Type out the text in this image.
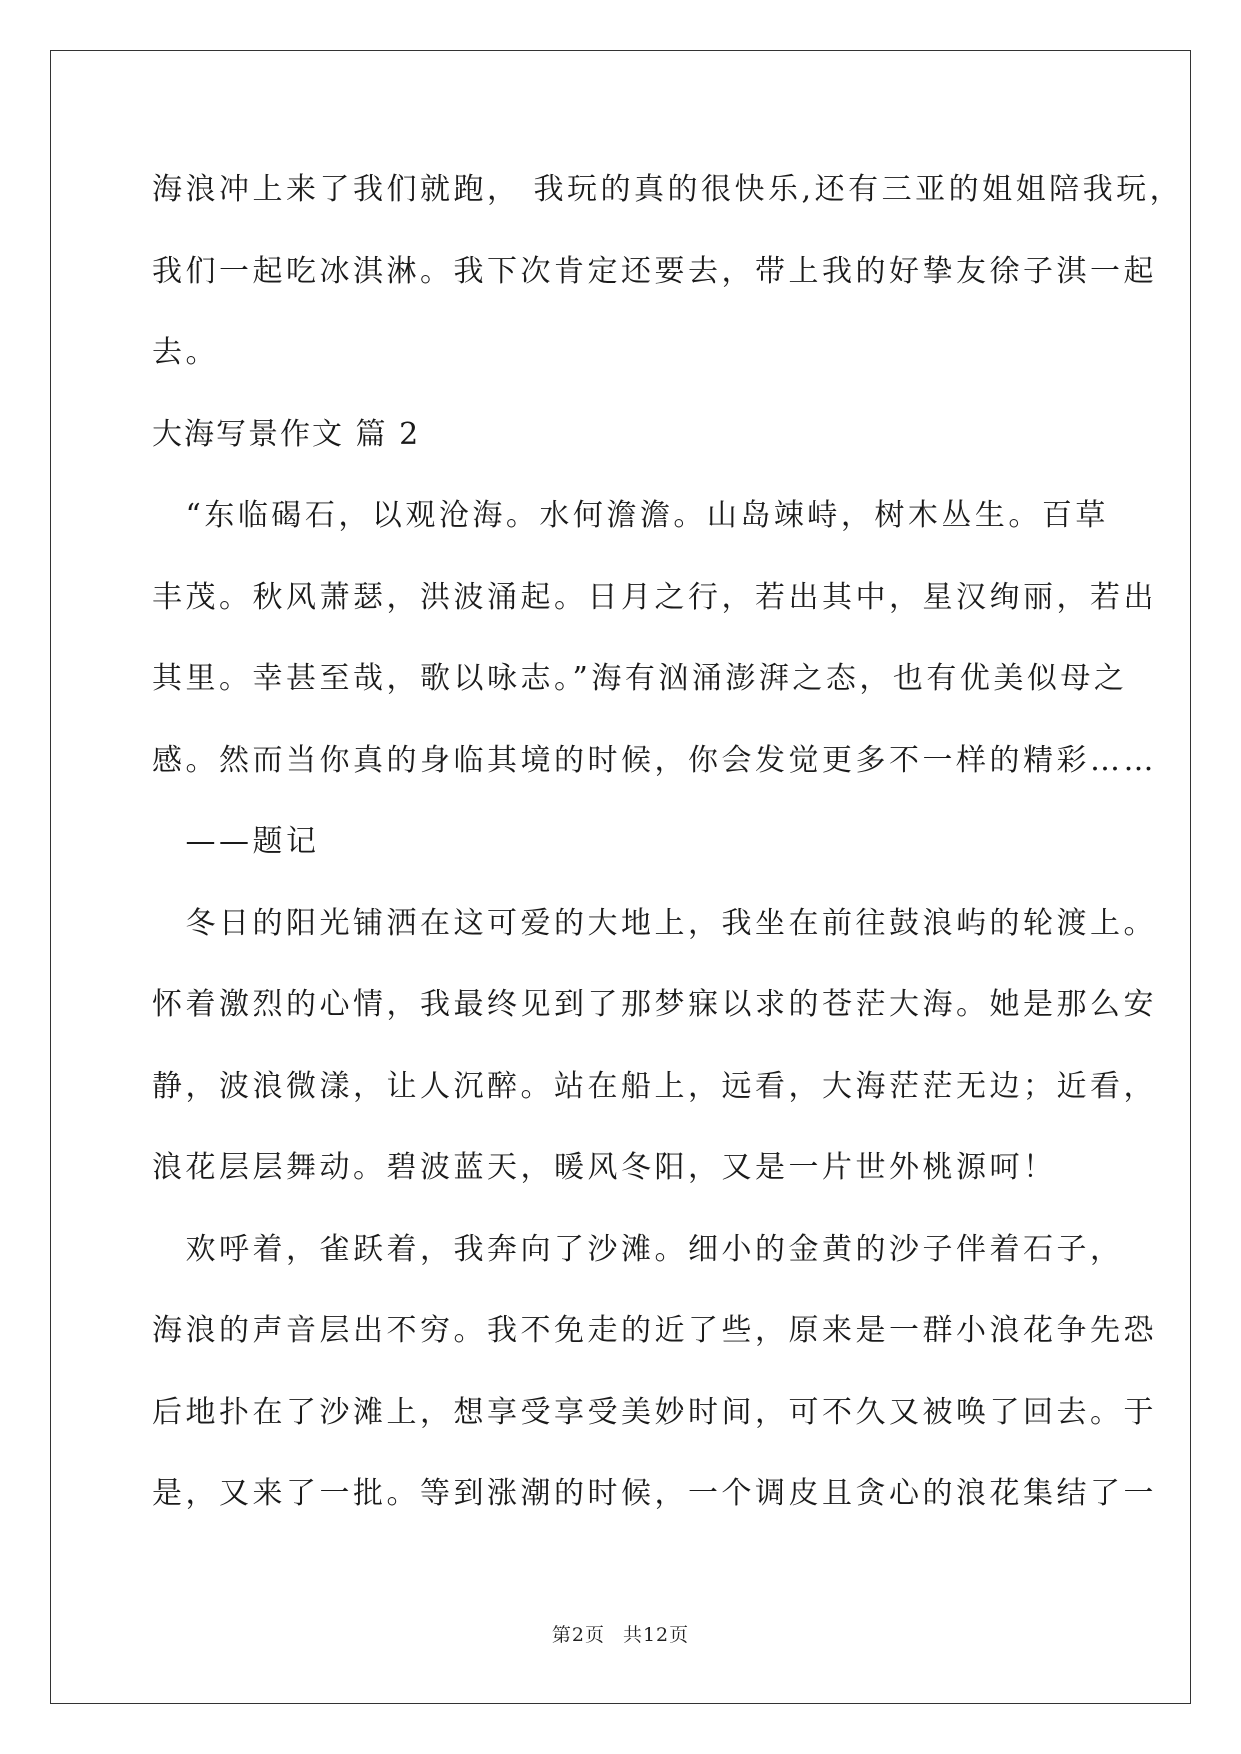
海浪冲上来了我们就跑， 我玩的真的很快乐,还有三亚的姐姐陪我玩，
我们一起吃冰淇淋。我下次肯定还要去，带上我的好挚友徐子淇一起
去。
大海写景作文 篇 2
　“东临碣石，以观沧海。水何澹澹。山岛竦峙，树木丛生。百草
丰茂。秋风萧瑟，洪波涌起。日月之行，若出其中，星汉绚丽，若出
其里。幸甚至哉，歌以咏志。”海有汹涌澎湃之态，也有优美似母之
感。然而当你真的身临其境的时候，你会发觉更多不一样的精彩……
　——题记
　冬日的阳光铺洒在这可爱的大地上，我坐在前往鼓浪屿的轮渡上。
怀着激烈的心情，我最终见到了那梦寐以求的苍茫大海。她是那么安
静，波浪微漾，让人沉醉。站在船上，远看，大海茫茫无边；近看，
浪花层层舞动。碧波蓝天，暖风冬阳，又是一片世外桃源呵！
　欢呼着，雀跃着，我奔向了沙滩。细小的金黄的沙子伴着石子，
海浪的声音层出不穷。我不免走的近了些，原来是一群小浪花争先恐
后地扑在了沙滩上，想享受享受美妙时间，可不久又被唤了回去。于
是，又来了一批。等到涨潮的时候，一个调皮且贪心的浪花集结了一
第2页 共12页
